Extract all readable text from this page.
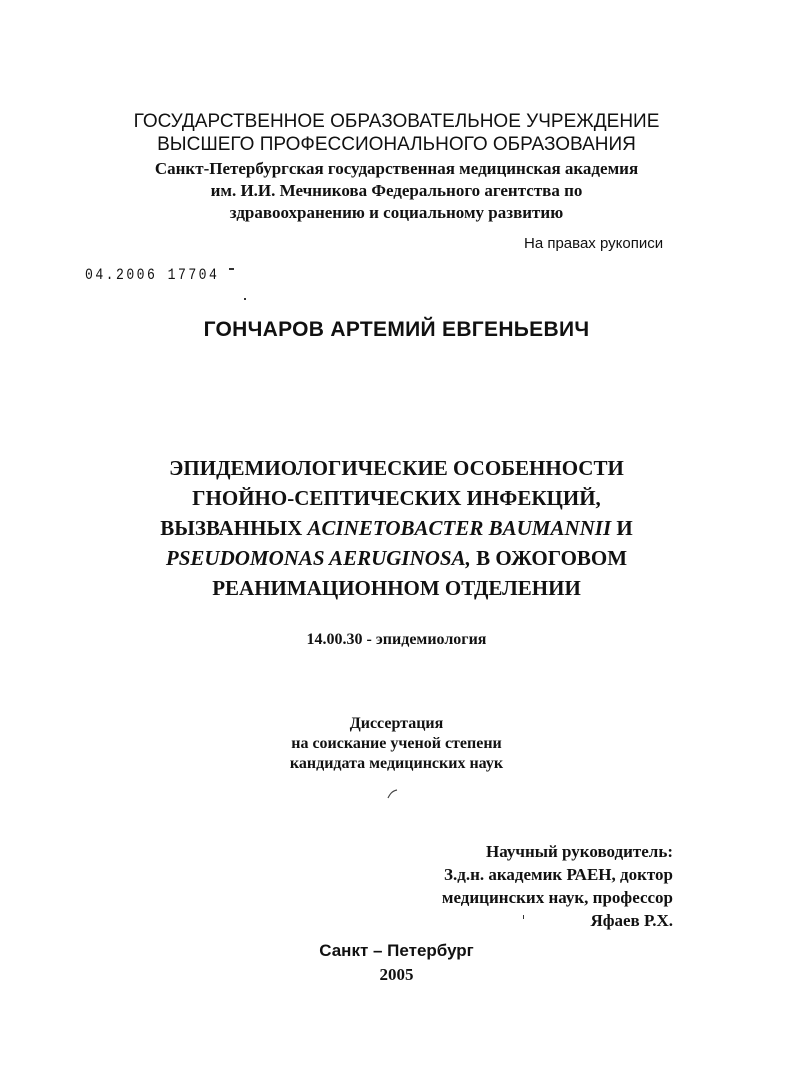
ГОСУДАРСТВЕННОЕ ОБРАЗОВАТЕЛЬНОЕ УЧРЕЖДЕНИЕ
ВЫСШЕГО ПРОФЕССИОНАЛЬНОГО ОБРАЗОВАНИЯ
Санкт-Петербургская государственная медицинская академия
им. И.И. Мечникова Федерального агентства по
здравоохранению и социальному развитию
На правах рукописи
04.2006 17704
ГОНЧАРОВ АРТЕМИЙ ЕВГЕНЬЕВИЧ
ЭПИДЕМИОЛОГИЧЕСКИЕ ОСОБЕННОСТИ
ГНОЙНО-СЕПТИЧЕСКИХ ИНФЕКЦИЙ,
ВЫЗВАННЫХ ACINETOBACTER BAUMANNII И
PSEUDOMONAS AERUGINOSA, В ОЖОГОВОМ
РЕАНИМАЦИОННОМ ОТДЕЛЕНИИ
14.00.30 - эпидемиология
Диссертация
на соискание ученой степени
кандидата медицинских наук
Научный руководитель:
З.д.н. академик РАЕН, доктор
медицинских наук, профессор
Яфаев Р.Х.
Санкт – Петербург
2005
